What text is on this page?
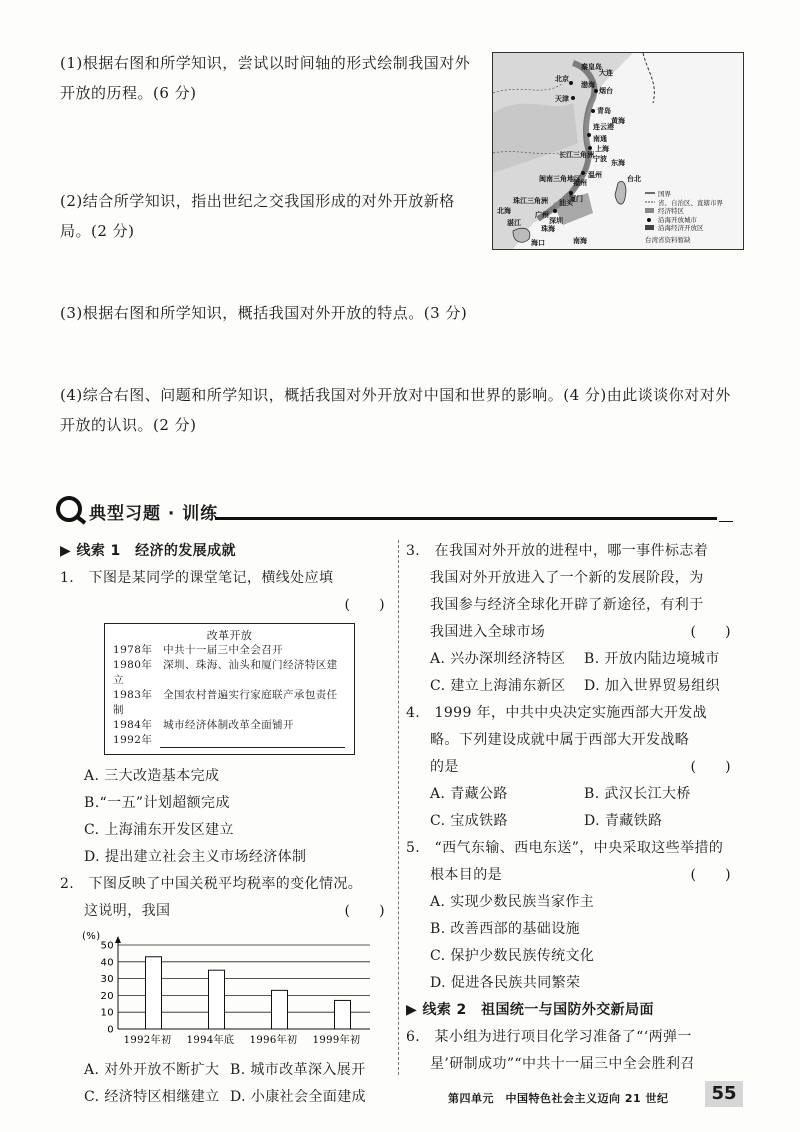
(1)根据右图和所学知识，尝试以时间轴的形式绘制我国对外
开放的历程。(6 分)
(2)结合所学知识，指出世纪之交我国形成的对外开放新格
局。(2 分)
(3)根据右图和所学知识，概括我国对外开放的特点。(3 分)
(4)综合右图、问题和所学知识，概括我国对外开放对中国和世界的影响。(4 分)由此谈谈你对对外
开放的认识。(2 分)
国界
省、自治区、直辖市界
经济特区
沿海开放城市
沿海经济开放区
台湾省资料暂缺
北京
天津
大连
秦皇岛
烟台
青岛
连云港
南通
上海
宁波
温州
福州
厦门
汕头
深圳
广州
珠海
湛江
北海
海口	南海
黄海
东海
渤海
台北
闽南三角地区
长江三角洲
珠江三角洲
典型习题 · 训练
▶ 线索 1　经济的发展成就
1.　下图是某同学的课堂笔记，横线处应填
(　　)
改革开放
1978年　中共十一届三中全会召开
1980年　深圳、珠海、汕头和厦门经济特区建立
1983年　全国农村普遍实行家庭联产承包责任制
1984年　城市经济体制改革全面铺开
1992年
A. 三大改造基本完成
B.“一五”计划超额完成
C. 上海浦东开发区建立
D. 提出建立社会主义市场经济体制
2.　下图反映了中国关税平均税率的变化情况。
这说明，我国	(　　)
(%)
50
40
30
20
10
0
1992年初 1994年底 1996年初 1999年初
A. 对外开放不断扩大 B. 城市改革深入展开
C. 经济特区相继建立 D. 小康社会全面建成
3.　在我国对外开放的进程中，哪一事件标志着
我国对外开放进入了一个新的发展阶段，为
我国参与经济全球化开辟了新途径，有利于
我国进入全球市场	(　　)
A. 兴办深圳经济特区 B. 开放内陆边境城市
C. 建立上海浦东新区 D. 加入世界贸易组织
4.　1999 年，中共中央决定实施西部大开发战
略。下列建设成就中属于西部大开发战略
的是	(　　)
A. 青藏公路	B. 武汉长江大桥
C. 宝成铁路	D. 青藏铁路
5.　“西气东输、西电东送”，中央采取这些举措的
根本目的是	(　　)
A. 实现少数民族当家作主
B. 改善西部的基础设施
C. 保护少数民族传统文化
D. 促进各民族共同繁荣
▶ 线索 2　祖国统一与国防外交新局面
6.　某小组为进行项目化学习准备了“‘两弹一
星’研制成功”“中共十一届三中全会胜利召
第四单元　中国特色社会主义迈向 21 世纪	55
